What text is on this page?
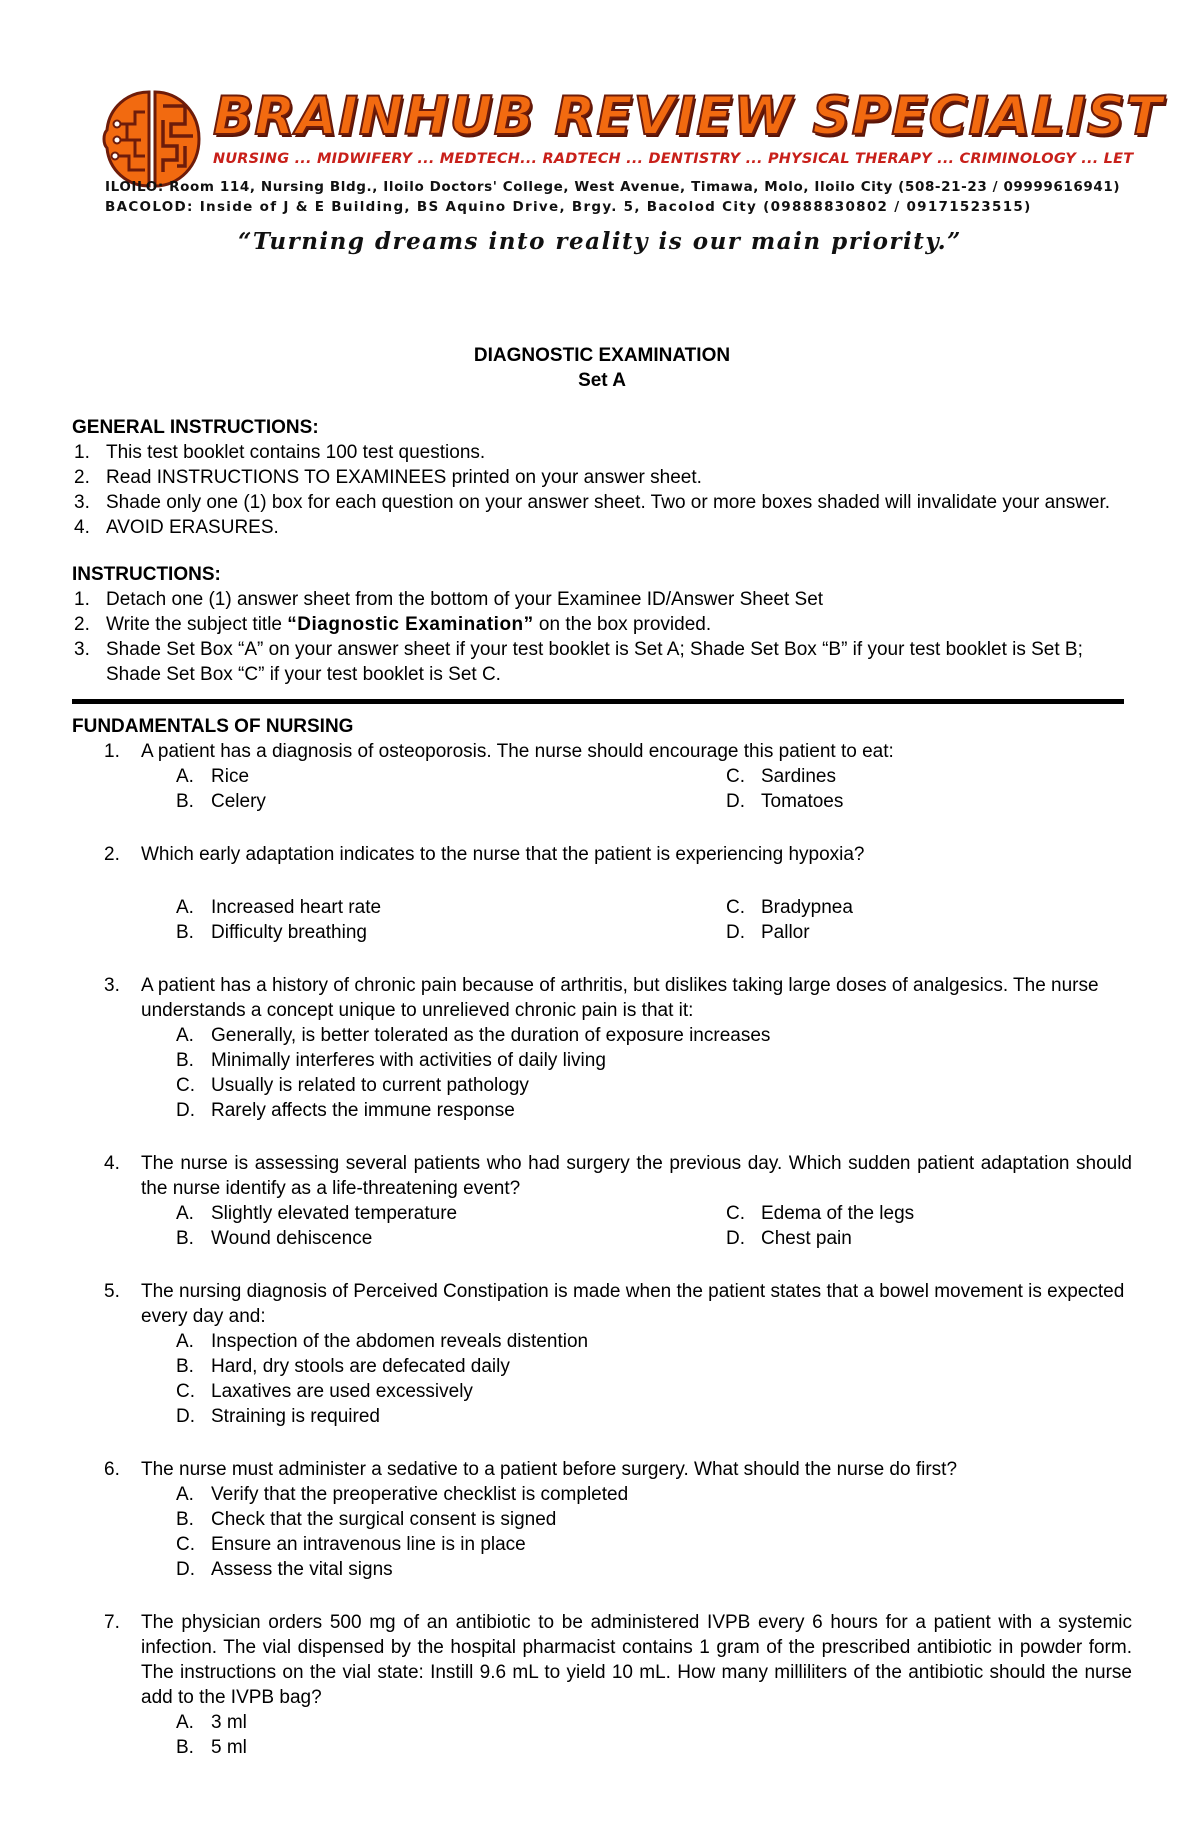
BRAINHUB REVIEW SPECIALIST
NURSING ... MIDWIFERY ... MEDTECH... RADTECH ... DENTISTRY ... PHYSICAL THERAPY ... CRIMINOLOGY ... LET
ILOILO: Room 114, Nursing Bldg., Iloilo Doctors' College, West Avenue, Timawa, Molo, Iloilo City (508-21-23 / 09999616941)
BACOLOD: Inside of J & E Building, BS Aquino Drive, Brgy. 5, Bacolod City (09888830802 / 09171523515)
“Turning dreams into reality is our main priority.”
DIAGNOSTIC EXAMINATION
Set A
GENERAL INSTRUCTIONS:
1. This test booklet contains 100 test questions.
2. Read INSTRUCTIONS TO EXAMINEES printed on your answer sheet.
3. Shade only one (1) box for each question on your answer sheet. Two or more boxes shaded will invalidate your answer.
4. AVOID ERASURES.
INSTRUCTIONS:
1. Detach one (1) answer sheet from the bottom of your Examinee ID/Answer Sheet Set
2. Write the subject title “Diagnostic Examination” on the box provided.
3. Shade Set Box “A” on your answer sheet if your test booklet is Set A; Shade Set Box “B” if your test booklet is Set B; Shade Set Box “C” if your test booklet is Set C.
FUNDAMENTALS OF NURSING
1. A patient has a diagnosis of osteoporosis. The nurse should encourage this patient to eat:
A. Rice	C. Sardines
B. Celery	D. Tomatoes
2. Which early adaptation indicates to the nurse that the patient is experiencing hypoxia?
A. Increased heart rate	C. Bradypnea
B. Difficulty breathing	D. Pallor
3. A patient has a history of chronic pain because of arthritis, but dislikes taking large doses of analgesics. The nurse understands a concept unique to unrelieved chronic pain is that it:
A. Generally, is better tolerated as the duration of exposure increases
B. Minimally interferes with activities of daily living
C. Usually is related to current pathology
D. Rarely affects the immune response
4. The nurse is assessing several patients who had surgery the previous day. Which sudden patient adaptation should the nurse identify as a life-threatening event?
A. Slightly elevated temperature	C. Edema of the legs
B. Wound dehiscence	D. Chest pain
5. The nursing diagnosis of Perceived Constipation is made when the patient states that a bowel movement is expected every day and:
A. Inspection of the abdomen reveals distention
B. Hard, dry stools are defecated daily
C. Laxatives are used excessively
D. Straining is required
6. The nurse must administer a sedative to a patient before surgery. What should the nurse do first?
A. Verify that the preoperative checklist is completed
B. Check that the surgical consent is signed
C. Ensure an intravenous line is in place
D. Assess the vital signs
7. The physician orders 500 mg of an antibiotic to be administered IVPB every 6 hours for a patient with a systemic infection. The vial dispensed by the hospital pharmacist contains 1 gram of the prescribed antibiotic in powder form. The instructions on the vial state: Instill 9.6 mL to yield 10 mL. How many milliliters of the antibiotic should the nurse add to the IVPB bag?
A. 3 ml
B. 5 ml
